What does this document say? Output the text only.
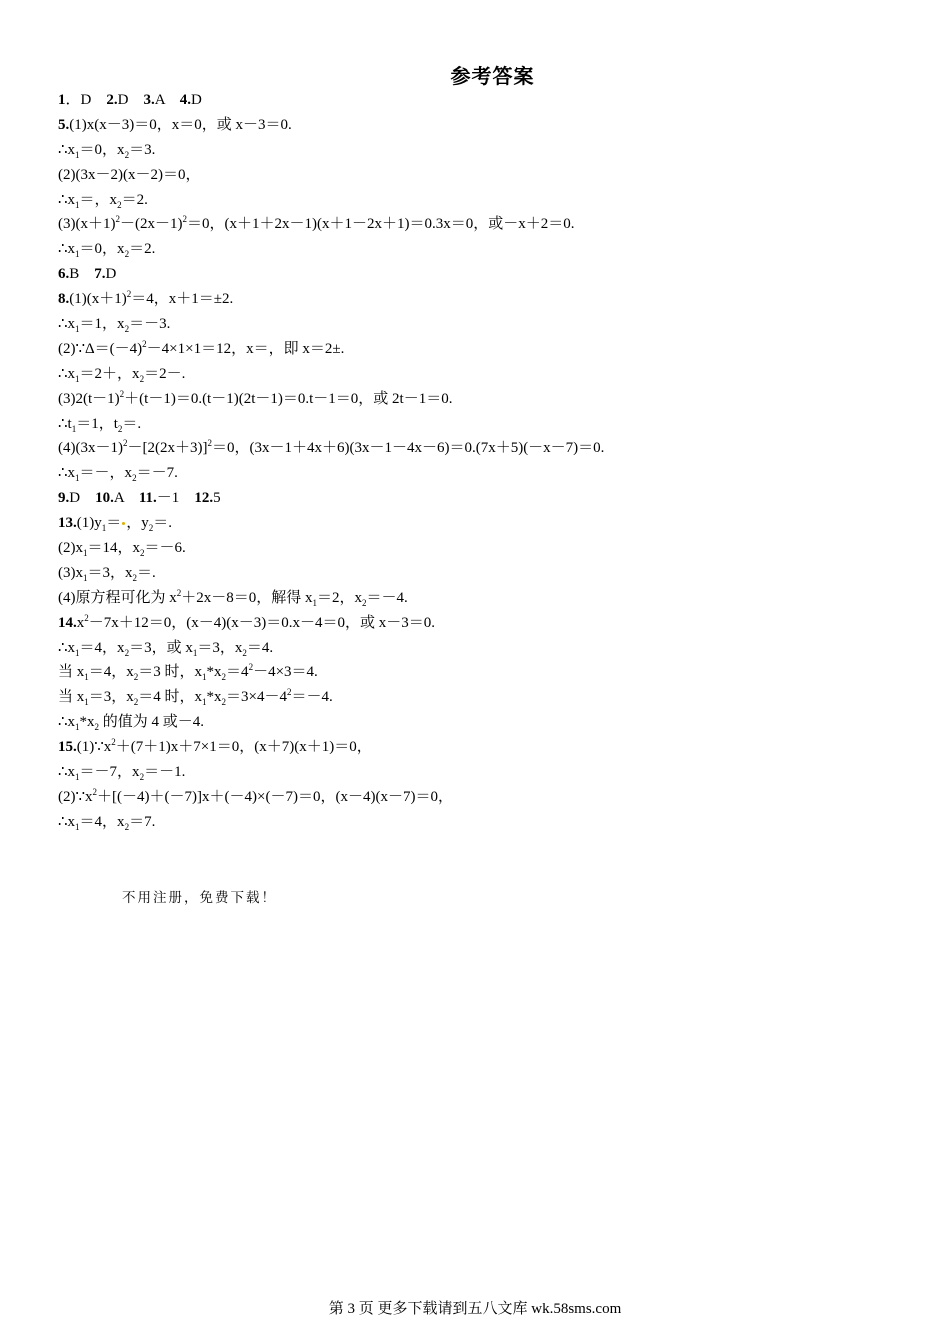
参考答案
1．D　2.D　3.A　4.D
5.(1)x(x－3)＝0，x＝0，或 x－3＝0.
$\therefore x_1=0$，$x_2=3$.
(2)(3x－2)(x－2)＝0，
$\therefore x_1=$，$x_2=2$.
$(3)(x+1)^2-(2x-1)^2=0$，(x＋1＋2x－1)(x＋1－2x＋1)＝0.3x＝0，或－x＋2＝0.
$\therefore x_1=0$，$x_2=2$.
6.B　7.D
$8.(1)(x+1)^2=4$，x＋1＝±2.
$\therefore x_1=1$，$x_2=-3$.
$(2)\because\Delta=(-4)^2-4\times 1\times 1=12$，x＝，即 x＝2±.
$\therefore x_1=2+$，$x_2=2-$.
$(3)2(t-1)^2+(t-1)=0.(t-1)(2t-1)=0.t-1=0$，或 2t－1＝0.
$\therefore t_1=1$，$t_2=$.
$(4)(3x-1)^2-[2(2x+3)]^2=0$，(3x－1＋4x＋6)(3x－1－4x－6)＝0.(7x＋5)(－x－7)＝0.
$\therefore x_1=-$，$x_2=-7$.
9.D　10.A　11.－1　12.5
$13.(1)y_1=$ ，$y_2=$.
$(2)x_1=14$，$x_2=-6$.
$(3)x_1=3$，$x_2=$.
(4)原方程可化为 $x^2+2x-8=0$，解得 $x_1=2$，$x_2=-4$.
$14.x^2-7x+12=0$，(x－4)(x－3)＝0.x－4＝0，或 x－3＝0.
$\therefore x_1=4$，$x_2=3$，或 $x_1=3$，$x_2=4$.
当 $x_1=4$，$x_2=3$ 时，$x_1*x_2=4^2-4\times 3=4$.
当 $x_1=3$，$x_2=4$ 时，$x_1*x_2=3\times 4-4^2=-4$.
$\therefore x_1*x_2$ 的值为 4 或－4.
$15.(1)\because x^2+(7+1)x+7\times 1=0$，(x＋7)(x＋1)＝0，
$\therefore x_1=-7$，$x_2=-1$.
$(2)\because x^2+[(-4)+(-7)]x+(-4)\times(-7)=0$，(x－4)(x－7)＝0，
$\therefore x_1=4$，$x_2=7$.
不用注册，免费下载！
第 3 页 更多下载请到五八文库 wk.58sms.com
